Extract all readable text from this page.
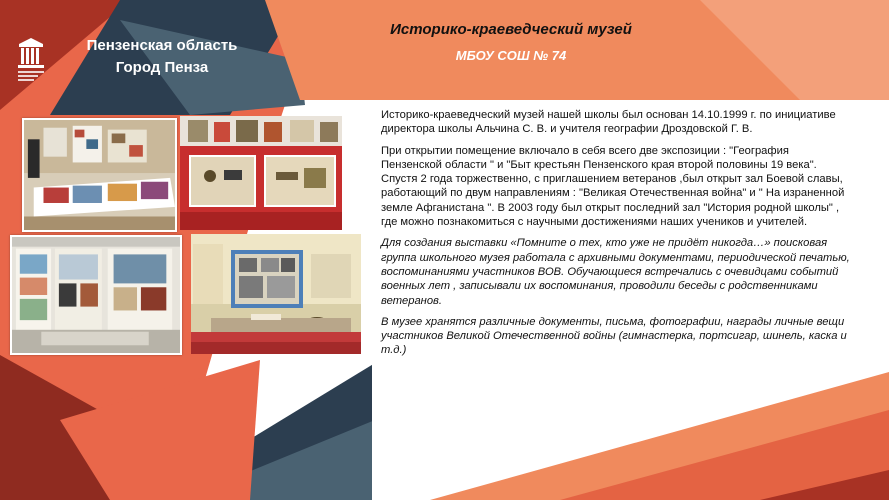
Пензенская область
Город Пенза
Историко-краеведческий музей
МБОУ СОШ № 74

Историко-краеведческий музей нашей школы был основан 14.10.1999 г. по инициативе директора школы Альчина С. В. и учителя географии Дроздовской Г. В.

При открытии помещение включало в себя всего две экспозиции : "География Пензенской области " и "Быт крестьян Пензенского края второй половины 19 века". Спустя 2 года торжественно, с приглашением ветеранов ,был открыт зал Боевой славы, работающий по двум направлениям : "Великая Отечественная война" и " На израненной земле Афганистана ". В 2003 году был открыт последний зал "История родной школы" , где можно познакомиться с научными достижениями наших учеников и учителей.

Для создания выставки «Помните о тех, кто уже не придёт никогда…» поисковая группа школьного музея работала с архивными документами, периодической печатью, воспоминаниями участников ВОВ. Обучающиеся встречались с очевидцами событий военных лет , записывали их воспоминания, проводили беседы с родственниками ветеранов.

В музее хранятся различные документы, письма, фотографии, награды личные вещи участников Великой Отечественной войны (гимнастерка, портсигар, шинель, каска и т.д.)
